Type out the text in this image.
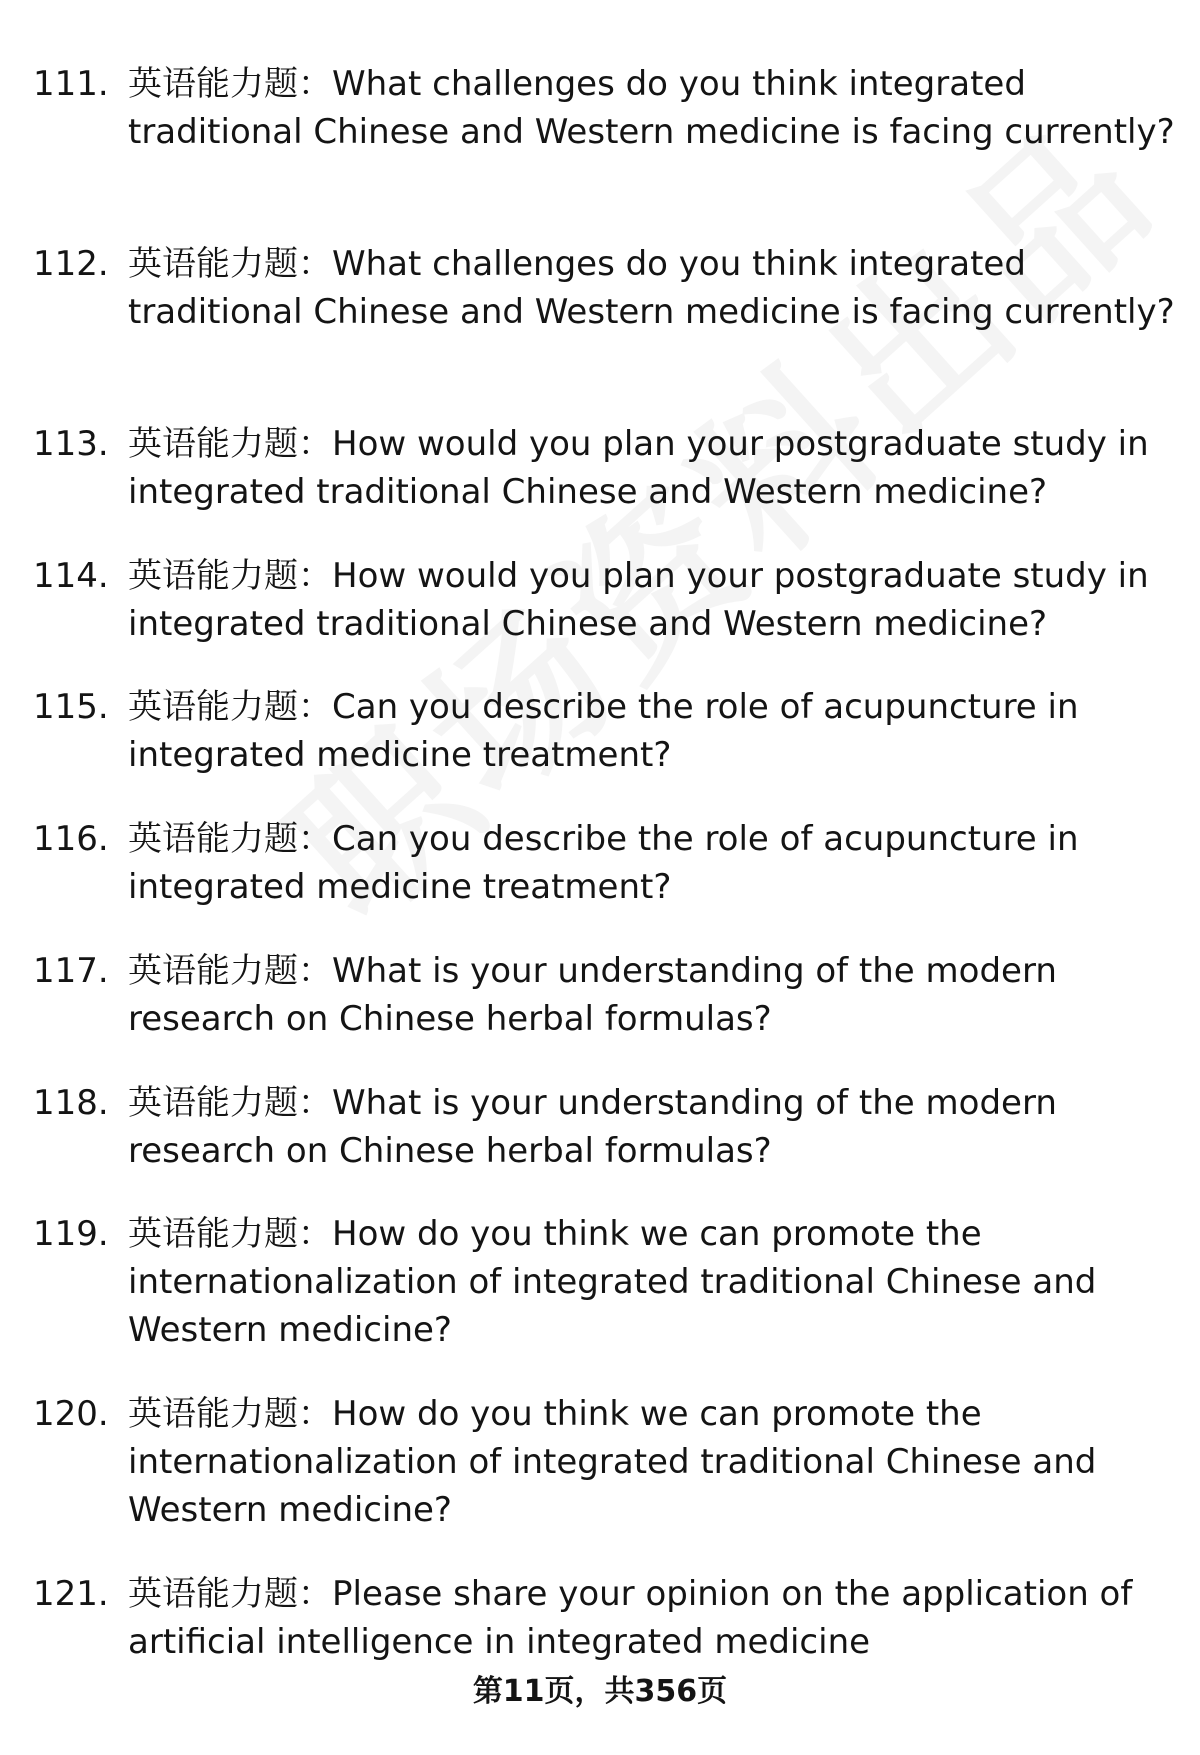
111. 英语能力题：What challenges do you think integrated traditional Chinese and Western medicine is facing currently?
112. 英语能力题：What challenges do you think integrated traditional Chinese and Western medicine is facing currently?
113. 英语能力题：How would you plan your postgraduate study in integrated traditional Chinese and Western medicine?
114. 英语能力题：How would you plan your postgraduate study in integrated traditional Chinese and Western medicine?
115. 英语能力题：Can you describe the role of acupuncture in integrated medicine treatment?
116. 英语能力题：Can you describe the role of acupuncture in integrated medicine treatment?
117. 英语能力题：What is your understanding of the modern research on Chinese herbal formulas?
118. 英语能力题：What is your understanding of the modern research on Chinese herbal formulas?
119. 英语能力题：How do you think we can promote the internationalization of integrated traditional Chinese and Western medicine?
120. 英语能力题：How do you think we can promote the internationalization of integrated traditional Chinese and Western medicine?
121. 英语能力题：Please share your opinion on the application of artificial intelligence in integrated medicine
第11页，共356页
